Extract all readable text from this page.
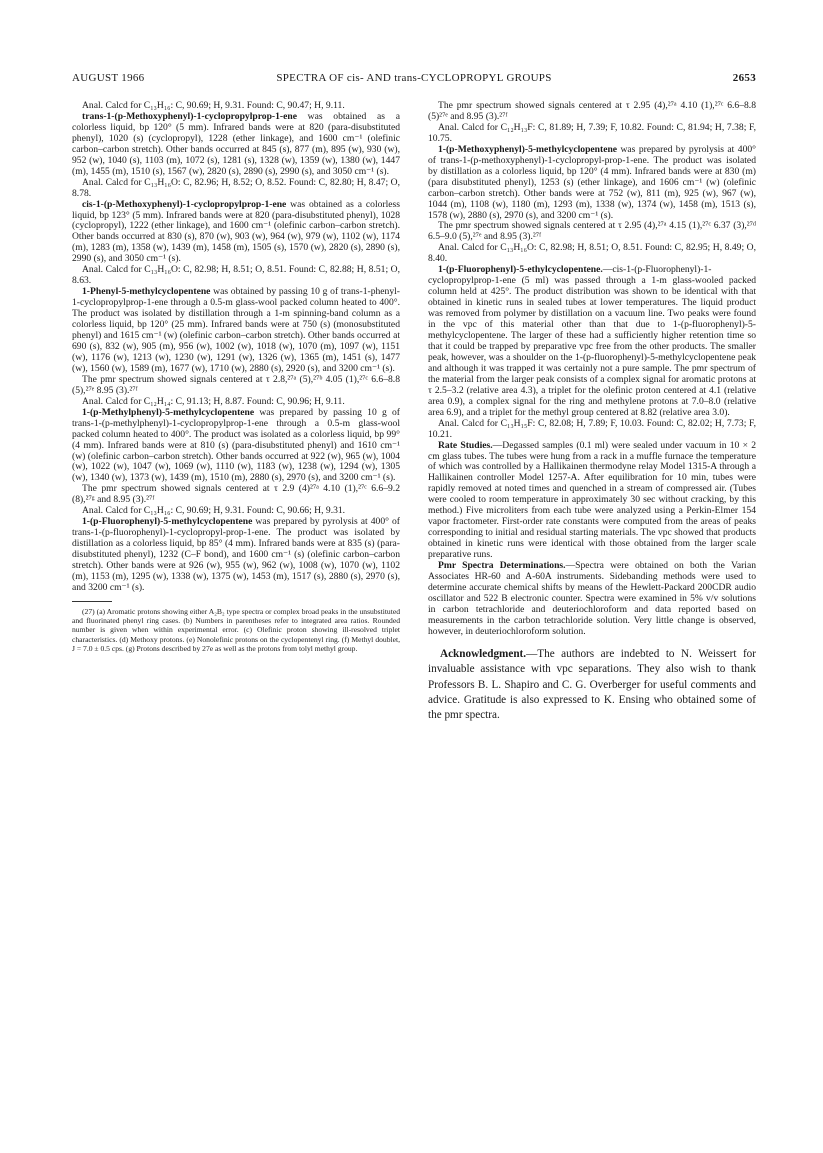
AUGUST 1966	SPECTRA OF cis- AND trans-CYCLOPROPYL GROUPS	2653

Anal. Calcd for C₁₃H₁₆: C, 90.69; H, 9.31. Found: C, 90.47; H, 9.11.

trans-1-(p-Methoxyphenyl)-1-cyclopropylprop-1-ene was obtained as a colorless liquid, bp 120° (5 mm). Infrared bands were at 820 (para-disubstituted phenyl), 1020 (s) (cyclopropyl), 1228 (ether linkage), and 1600 cm⁻¹ (olefinic carbon–carbon stretch). Other bands occurred at 845 (s), 877 (m), 895 (w), 930 (w), 952 (w), 1040 (s), 1103 (m), 1072 (s), 1281 (s), 1328 (w), 1359 (w), 1380 (w), 1447 (m), 1455 (m), 1510 (s), 1567 (w), 2820 (s), 2890 (s), 2990 (s), and 3050 cm⁻¹ (s).

Anal. Calcd for C₁₃H₁₆O: C, 82.96; H, 8.52; O, 8.52. Found: C, 82.80; H, 8.47; O, 8.78.

cis-1-(p-Methoxyphenyl)-1-cyclopropylprop-1-ene was obtained as a colorless liquid, bp 123° (5 mm). Infrared bands were at 820 (para-disubstituted phenyl), 1028 (cyclopropyl), 1222 (ether linkage), and 1600 cm⁻¹ (olefinic carbon–carbon stretch). Other bands occurred at 830 (s), 870 (w), 903 (w), 964 (w), 979 (w), 1102 (w), 1174 (m), 1283 (m), 1358 (w), 1439 (m), 1458 (m), 1505 (s), 1570 (w), 2820 (s), 2890 (s), 2990 (s), and 3050 cm⁻¹ (s).

Anal. Calcd for C₁₃H₁₆O: C, 82.98; H, 8.51; O, 8.51. Found: C, 82.88; H, 8.51; O, 8.63.

1-Phenyl-5-methylcyclopentene was obtained by passing 10 g of trans-1-phenyl-1-cyclopropylprop-1-ene through a 0.5-m glass-wool packed column heated to 400°. The product was isolated by distillation through a 1-m spinning-band column as a colorless liquid, bp 120° (25 mm). Infrared bands were at 750 (s) (monosubstituted phenyl) and 1615 cm⁻¹ (w) (olefinic carbon–carbon stretch). Other bands occurred at 690 (s), 832 (w), 905 (m), 956 (w), 1002 (w), 1018 (w), 1070 (m), 1097 (w), 1151 (w), 1176 (w), 1213 (w), 1230 (w), 1291 (w), 1326 (w), 1365 (m), 1451 (s), 1477 (w), 1560 (w), 1589 (m), 1677 (w), 1710 (w), 2880 (s), 2920 (s), and 3200 cm⁻¹ (s).

The pmr spectrum showed signals centered at τ 2.8,²⁷ᵃ (5),²⁷ᵇ 4.05 (1),²⁷ᶜ 6.6–8.8 (5),²⁷ᵉ 8.95 (3).²⁷ᶠ

Anal. Calcd for C₁₂H₁₄: C, 91.13; H, 8.87. Found: C, 90.96; H, 9.11.

1-(p-Methylphenyl)-5-methylcyclopentene was prepared by passing 10 g of trans-1-(p-methylphenyl)-1-cyclopropylprop-1-ene through a 0.5-m glass-wool packed column heated to 400°. The product was isolated as a colorless liquid, bp 99° (4 mm). Infrared bands were at 810 (s) (para-disubstituted phenyl) and 1610 cm⁻¹ (w) (olefinic carbon–carbon stretch). Other bands occurred at 922 (w), 965 (w), 1004 (w), 1022 (w), 1047 (w), 1069 (w), 1110 (w), 1183 (w), 1238 (w), 1294 (w), 1305 (w), 1340 (w), 1373 (w), 1439 (m), 1510 (m), 2880 (s), 2970 (s), and 3200 cm⁻¹ (s).

The pmr spectrum showed signals centered at τ 2.9 (4)²⁷ᵃ 4.10 (1),²⁷ᶜ 6.6–9.2 (8),²⁷ᵍ and 8.95 (3).²⁷ᶠ

Anal. Calcd for C₁₃H₁₆: C, 90.69; H, 9.31. Found: C, 90.66; H, 9.31.

1-(p-Fluorophenyl)-5-methylcyclopentene was prepared by pyrolysis at 400° of trans-1-(p-fluorophenyl)-1-cyclopropyl-prop-1-ene. The product was isolated by distillation as a colorless liquid, bp 85° (4 mm). Infrared bands were at 835 (s) (para-disubstituted phenyl), 1232 (C–F bond), and 1600 cm⁻¹ (s) (olefinic carbon–carbon stretch). Other bands were at 926 (w), 955 (w), 962 (w), 1008 (w), 1070 (w), 1102 (m), 1153 (m), 1295 (w), 1338 (w), 1375 (w), 1453 (m), 1517 (s), 2880 (s), 2970 (s), and 3200 cm⁻¹ (s).

(27) (a) Aromatic protons showing either A₂B₂ type spectra or complex broad peaks in the unsubstituted and fluorinated phenyl ring cases. (b) Numbers in parentheses refer to integrated area ratios. Rounded number is given when within experimental error. (c) Olefinic proton showing ill-resolved triplet characteristics. (d) Methoxy protons. (e) Nonolefinic protons on the cyclopentenyl ring. (f) Methyl doublet, J = 7.0 ± 0.5 cps. (g) Protons described by 27e as well as the protons from tolyl methyl group.

The pmr spectrum showed signals centered at τ 2.95 (4),²⁷ᵃ 4.10 (1),²⁷ᶜ 6.6–8.8 (5)²⁷ᵉ and 8.95 (3).²⁷ᶠ

Anal. Calcd for C₁₂H₁₃F: C, 81.89; H, 7.39; F, 10.82. Found: C, 81.94; H, 7.38; F, 10.75.

1-(p-Methoxyphenyl)-5-methylcyclopentene was prepared by pyrolysis at 400° of trans-1-(p-methoxyphenyl)-1-cyclopropyl-prop-1-ene. The product was isolated by distillation as a colorless liquid, bp 120° (4 mm). Infrared bands were at 830 (m) (para disubstituted phenyl), 1253 (s) (ether linkage), and 1606 cm⁻¹ (w) (olefinic carbon–carbon stretch). Other bands were at 752 (w), 811 (m), 925 (w), 967 (w), 1044 (m), 1108 (w), 1180 (m), 1293 (m), 1338 (w), 1374 (w), 1458 (m), 1513 (s), 1578 (w), 2880 (s), 2970 (s), and 3200 cm⁻¹ (s).

The pmr spectrum showed signals centered at τ 2.95 (4),²⁷ᵃ 4.15 (1),²⁷ᶜ 6.37 (3),²⁷ᵈ 6.5–9.0 (5),²⁷ᵉ and 8.95 (3).²⁷ᶠ

Anal. Calcd for C₁₃H₁₆O: C, 82.98; H, 8.51; O, 8.51. Found: C, 82.95; H, 8.49; O, 8.40.

1-(p-Fluorophenyl)-5-ethylcyclopentene.—cis-1-(p-Fluorophenyl)-1-cyclopropylprop-1-ene (5 ml) was passed through a 1-m glass-wooled packed column held at 425°. The product distribution was shown to be identical with that obtained in kinetic runs in sealed tubes at lower temperatures. The liquid product was removed from polymer by distillation on a vacuum line. Two peaks were found in the vpc of this material other than that due to 1-(p-fluorophenyl)-5-methylcyclopentene. The larger of these had a sufficiently higher retention time so that it could be trapped by preparative vpc free from the other products. The smaller peak, however, was a shoulder on the 1-(p-fluorophenyl)-5-methylcyclopentene peak and although it was trapped it was certainly not a pure sample. The pmr spectrum of the material from the larger peak consists of a complex signal for aromatic protons at τ 2.5–3.2 (relative area 4.3), a triplet for the olefinic proton centered at 4.1 (relative area 0.9), a complex signal for the ring and methylene protons at 7.0–8.0 (relative area 6.9), and a triplet for the methyl group centered at 8.82 (relative area 3.0).

Anal. Calcd for C₁₃H₁₅F: C, 82.08; H, 7.89; F, 10.03. Found: C, 82.02; H, 7.73; F, 10.21.

Rate Studies.—Degassed samples (0.1 ml) were sealed under vacuum in 10 × 2 cm glass tubes. The tubes were hung from a rack in a muffle furnace the temperature of which was controlled by a Hallikainen thermodyne relay Model 1315-A through a Hallikainen controller Model 1257-A. After equilibration for 10 min, tubes were rapidly removed at noted times and quenched in a stream of compressed air. (Tubes were cooled to room temperature in approximately 30 sec without cracking, by this method.) Five microliters from each tube were analyzed using a Perkin-Elmer 154 vapor fractometer. First-order rate constants were computed from the areas of peaks corresponding to initial and residual starting materials. The vpc showed that products obtained in kinetic runs were identical with those obtained from the larger scale preparative runs.

Pmr Spectra Determinations.—Spectra were obtained on both the Varian Associates HR-60 and A-60A instruments. Sidebanding methods were used to determine accurate chemical shifts by means of the Hewlett-Packard 200CDR audio oscillator and 522 B electronic counter. Spectra were examined in 5% v/v solutions in carbon tetrachloride and deuteriochloroform and data reported based on measurements in the carbon tetrachloride solution. Very little change is observed, however, in deuteriochloroform solution.

Acknowledgment.—The authors are indebted to N. Weissert for invaluable assistance with vpc separations. They also wish to thank Professors B. L. Shapiro and C. G. Overberger for useful comments and advice. Gratitude is also expressed to K. Ensing who obtained some of the pmr spectra.
